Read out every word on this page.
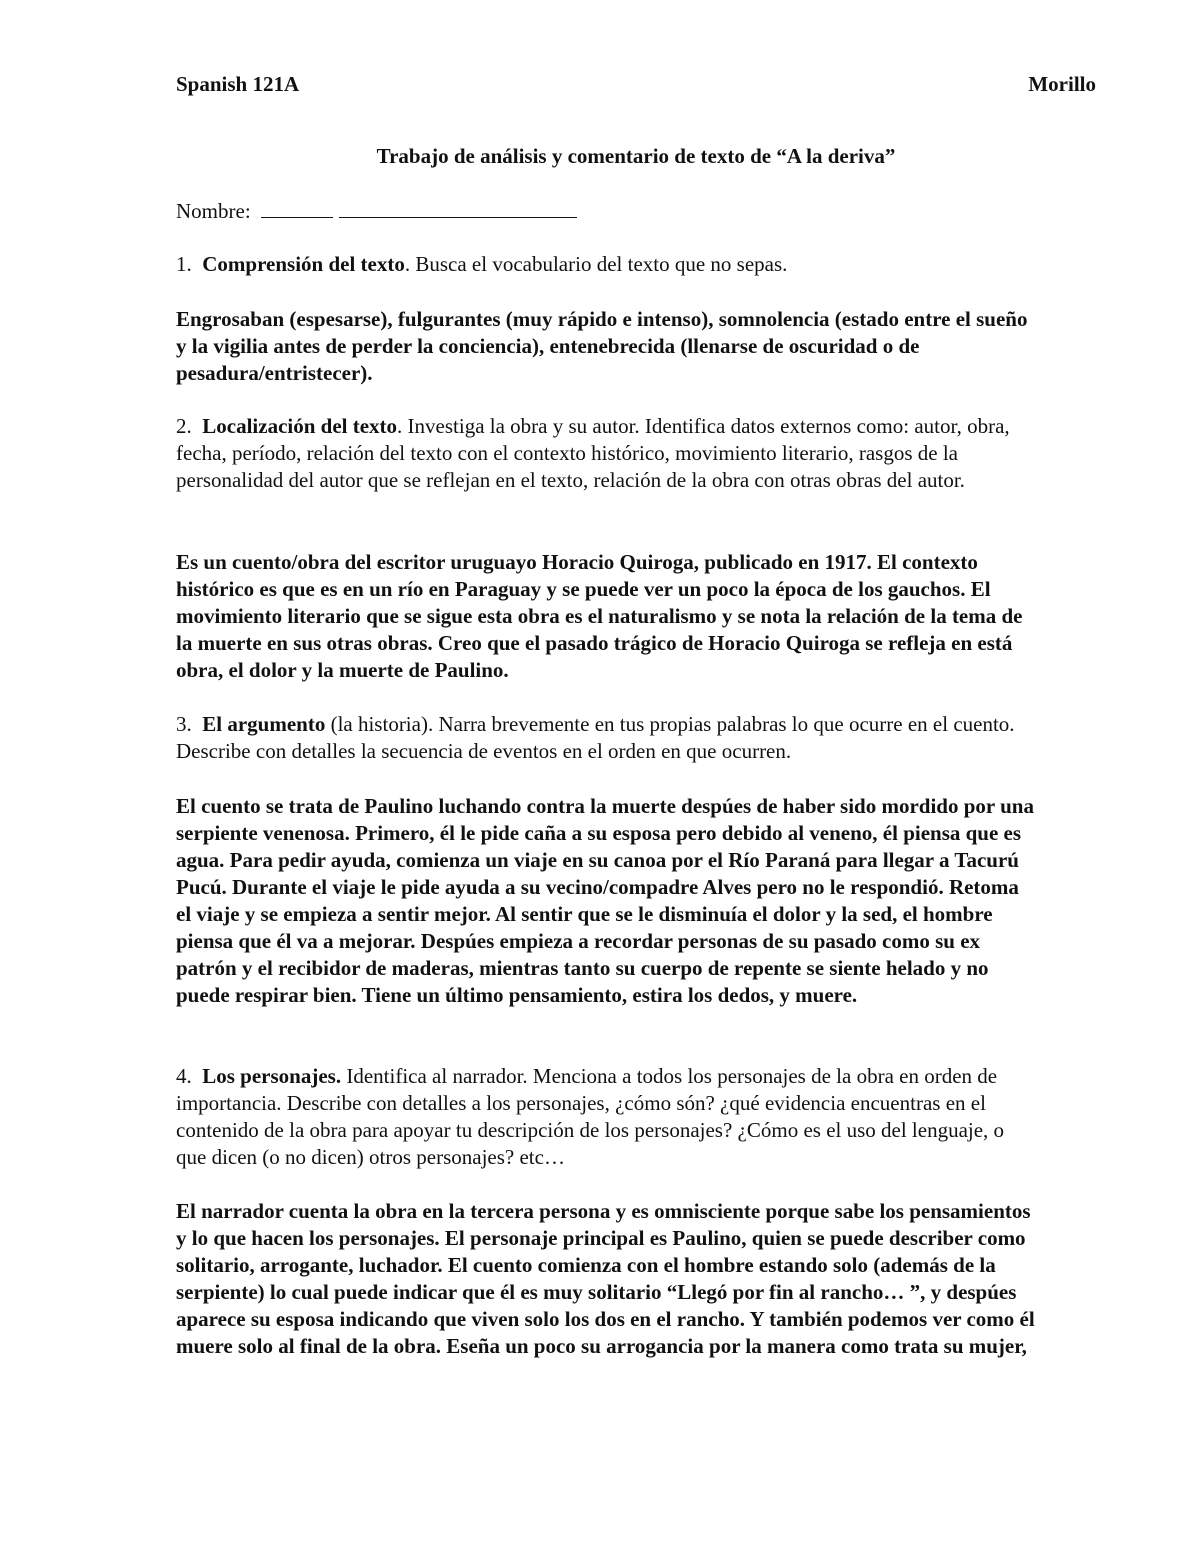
Spanish 121A	Morillo
Trabajo de análisis y comentario de texto de “A la deriva”
Nombre:
1. Comprensión del texto. Busca el vocabulario del texto que no sepas.
Engrosaban (espesarse), fulgurantes (muy rápido e intenso), somnolencia (estado entre el sueño y la vigilia antes de perder la conciencia), entenebrecida (llenarse de oscuridad o de pesadura/entristecer).
2. Localización del texto. Investiga la obra y su autor. Identifica datos externos como: autor, obra, fecha, período, relación del texto con el contexto histórico, movimiento literario, rasgos de la personalidad del autor que se reflejan en el texto, relación de la obra con otras obras del autor.
Es un cuento/obra del escritor uruguayo Horacio Quiroga, publicado en 1917. El contexto histórico es que es en un río en Paraguay y se puede ver un poco la época de los gauchos. El movimiento literario que se sigue esta obra es el naturalismo y se nota la relación de la tema de la muerte en sus otras obras. Creo que el pasado trágico de Horacio Quiroga se refleja en está obra, el dolor y la muerte de Paulino.
3. El argumento (la historia). Narra brevemente en tus propias palabras lo que ocurre en el cuento. Describe con detalles la secuencia de eventos en el orden en que ocurren.
El cuento se trata de Paulino luchando contra la muerte despúes de haber sido mordido por una serpiente venenosa. Primero, él le pide caña a su esposa pero debido al veneno, él piensa que es agua. Para pedir ayuda, comienza un viaje en su canoa por el Río Paraná para llegar a Tacurú Pucú. Durante el viaje le pide ayuda a su vecino/compadre Alves pero no le respondió. Retoma el viaje y se empieza a sentir mejor. Al sentir que se le disminuía el dolor y la sed, el hombre piensa que él va a mejorar. Despúes empieza a recordar personas de su pasado como su ex patrón y el recibidor de maderas, mientras tanto su cuerpo de repente se siente helado y no puede respirar bien. Tiene un último pensamiento, estira los dedos, y muere.
4. Los personajes. Identifica al narrador. Menciona a todos los personajes de la obra en orden de importancia. Describe con detalles a los personajes, ¿cómo són? ¿qué evidencia encuentras en el contenido de la obra para apoyar tu descripción de los personajes? ¿Cómo es el uso del lenguaje, o que dicen (o no dicen) otros personajes? etc…
El narrador cuenta la obra en la tercera persona y es omnisciente porque sabe los pensamientos y lo que hacen los personajes. El personaje principal es Paulino, quien se puede describer como solitario, arrogante, luchador. El cuento comienza con el hombre estando solo (además de la serpiente) lo cual puede indicar que él es muy solitario “Llegó por fin al rancho… ”, y despúes aparece su esposa indicando que viven solo los dos en el rancho. Y también podemos ver como él muere solo al final de la obra. Eseña un poco su arrogancia por la manera como trata su mujer,
